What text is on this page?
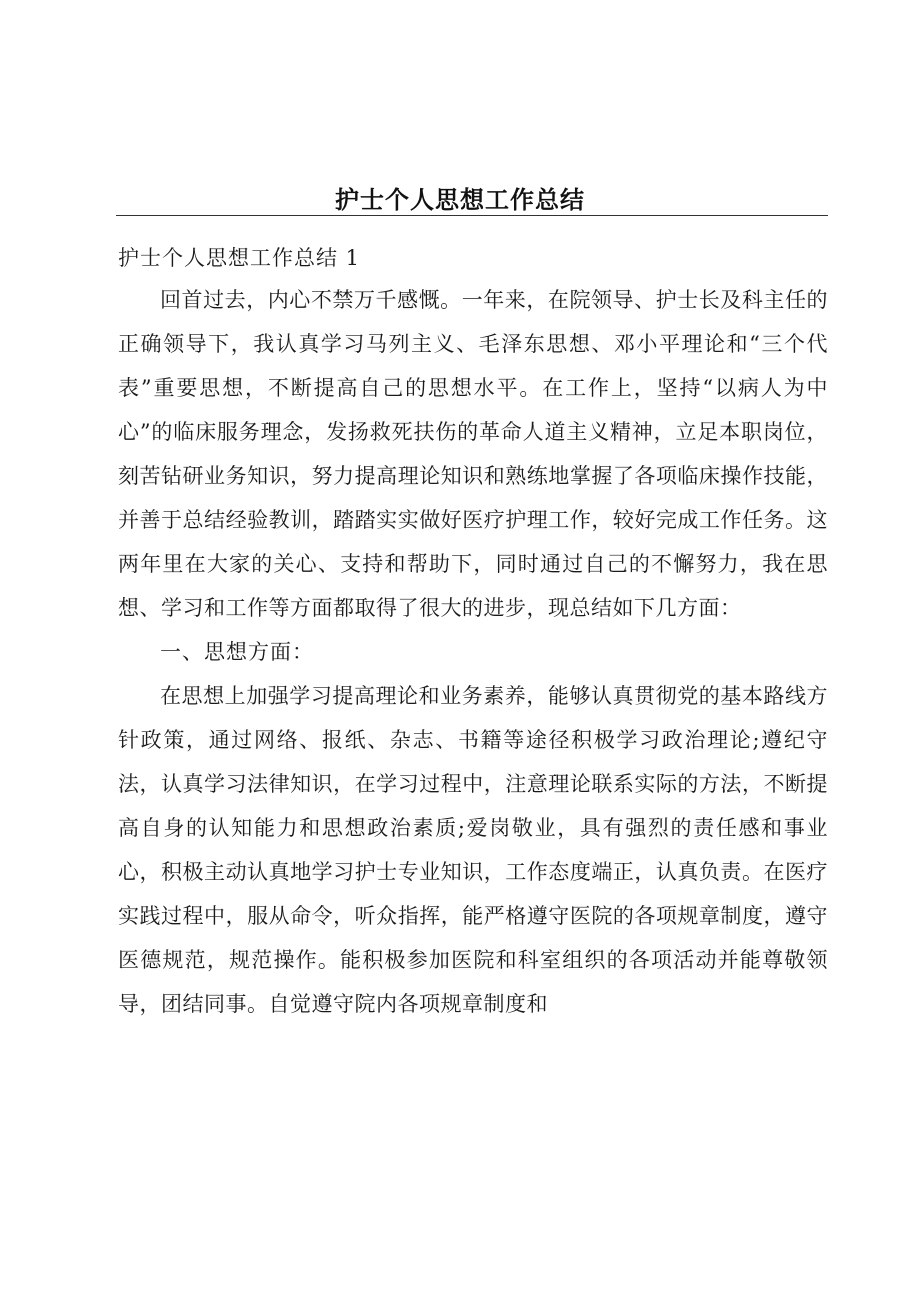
护士个人思想工作总结

护士个人思想工作总结 1

回首过去，内心不禁万千感慨。一年来，在院领导、护士长及科主任的正确领导下，我认真学习马列主义、毛泽东思想、邓小平理论和“三个代表”重要思想，不断提高自己的思想水平。在工作上，坚持“以病人为中心”的临床服务理念，发扬救死扶伤的革命人道主义精神，立足本职岗位，刻苦钻研业务知识，努力提高理论知识和熟练地掌握了各项临床操作技能，并善于总结经验教训，踏踏实实做好医疗护理工作，较好完成工作任务。这两年里在大家的关心、支持和帮助下，同时通过自己的不懈努力，我在思想、学习和工作等方面都取得了很大的进步，现总结如下几方面：

一、思想方面：

在思想上加强学习提高理论和业务素养，能够认真贯彻党的基本路线方针政策，通过网络、报纸、杂志、书籍等途径积极学习政治理论;遵纪守法，认真学习法律知识，在学习过程中，注意理论联系实际的方法，不断提高自身的认知能力和思想政治素质;爱岗敬业，具有强烈的责任感和事业心，积极主动认真地学习护士专业知识，工作态度端正，认真负责。在医疗实践过程中，服从命令，听众指挥，能严格遵守医院的各项规章制度，遵守医德规范，规范操作。能积极参加医院和科室组织的各项活动并能尊敬领导，团结同事。自觉遵守院内各项规章制度和
